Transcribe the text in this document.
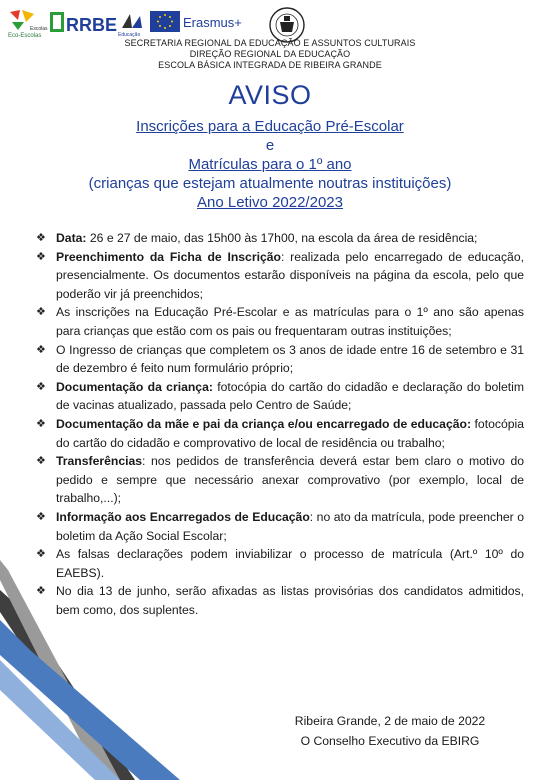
Eco-Escolas
Escolas RRBE Educação
Erasmus+
SECRETARIA REGIONAL DA EDUCAÇÃO E ASSUNTOS CULTURAIS
DIREÇÃO REGIONAL DA EDUCAÇÃO
ESCOLA BÁSICA INTEGRADA DE RIBEIRA GRANDE
AVISO
Inscrições para a Educação Pré-Escolar
e
Matrículas para o 1º ano
(crianças que estejam atualmente noutras instituições)
Ano Letivo 2022/2023
❖ Data: 26 e 27 de maio, das 15h00 às 17h00, na escola da área de residência;
❖ Preenchimento da Ficha de Inscrição: realizada pelo encarregado de educação, presencialmente. Os documentos estarão disponíveis na página da escola, pelo que poderão vir já preenchidos;
❖ As inscrições na Educação Pré-Escolar e as matrículas para o 1º ano são apenas para crianças que estão com os pais ou frequentaram outras instituições;
❖ O Ingresso de crianças que completem os 3 anos de idade entre 16 de setembro e 31 de dezembro é feito num formulário próprio;
❖ Documentação da criança: fotocópia do cartão do cidadão e declaração do boletim de vacinas atualizado, passada pelo Centro de Saúde;
❖ Documentação da mãe e pai da criança e/ou encarregado de educação: fotocópia do cartão do cidadão e comprovativo de local de residência ou trabalho;
❖ Transferências: nos pedidos de transferência deverá estar bem claro o motivo do pedido e sempre que necessário anexar comprovativo (por exemplo, local de trabalho,...);
❖ Informação aos Encarregados de Educação: no ato da matrícula, pode preencher o boletim da Ação Social Escolar;
❖ As falsas declarações podem inviabilizar o processo de matrícula (Art.º 10º do EAEBS).
❖ No dia 13 de junho, serão afixadas as listas provisórias dos candidatos admitidos, bem como, dos suplentes.
Ribeira Grande, 2 de maio de 2022
O Conselho Executivo da EBIRG
